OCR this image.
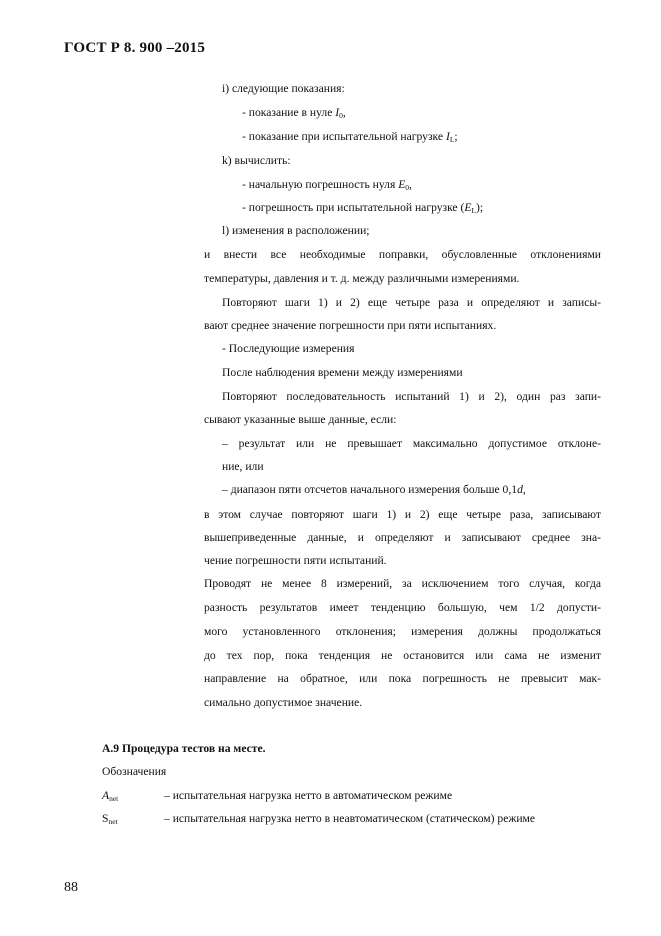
ГОСТ Р 8. 900 –2015
i) следующие показания:
- показание в нуле $I_0$,
- показание при испытательной нагрузке $I_L$;
k) вычислить:
- начальную погрешность нуля $E_0$,
- погрешность при испытательной нагрузке $(E_L)$;
l) изменения в расположении;
и внести все необходимые поправки, обусловленные отклонениями
температуры, давления и т. д. между различными измерениями.
Повторяют шаги 1) и 2) еще четыре раза и определяют и записы-
вают среднее значение погрешности при пяти испытаниях.
- Последующие измерения
После наблюдения времени между измерениями
Повторяют последовательность испытаний 1) и 2), один раз запи-
сывают указанные выше данные, если:
– результат или не превышает максимально допустимое отклоне-
ние, или
– диапазон пяти отсчетов начального измерения больше 0,1d,
в этом случае повторяют шаги 1) и 2) еще четыре раза, записывают
вышеприведенные данные, и определяют и записывают среднее зна-
чение погрешности пяти испытаний.
Проводят не менее 8 измерений, за исключением того случая, когда
разность результатов имеет тенденцию большую, чем 1/2 допусти-
мого установленного отклонения; измерения должны продолжаться
до тех пор, пока тенденция не остановится или сама не изменит
направление на обратное, или пока погрешность не превысит мак-
симально допустимое значение.
А.9 Процедура тестов на месте.
Обозначения
$A_{net}$	– испытательная нагрузка нетто в автоматическом режиме
$S_{net}$	– испытательная нагрузка нетто в неавтоматическом (статическом) режиме
88
